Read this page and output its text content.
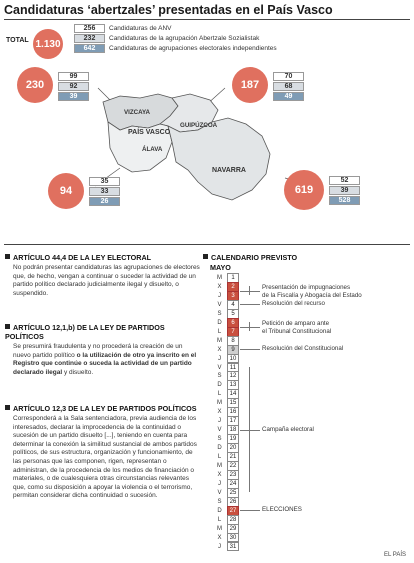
Candidaturas ‘abertzales’ presentadas en el País Vasco
TOTAL 1.130
256
232
642
Candidaturas de ANV
Candidaturas de la agrupación Abertzale Sozialistak
Candidaturas de agrupaciones electorales independientes
VIZCAYA
GUIPÚZCOA
PAÍS VASCO
ÁLAVA
NAVARRA
230
99
92
39
187
70
68
49
94
35
33
26
619
52
39
528
ARTÍCULO 44,4 DE LA LEY ELECTORAL
No podrán presentar candidaturas las agrupaciones de electores que, de hecho, vengan a continuar o suceder la actividad de un partido político declarado judicialmente ilegal y disuelto, o suspendido.
ARTÍCULO 12,1,b) DE LA LEY DE PARTIDOS POLÍTICOS
Se presumirá fraudulenta y no procederá la creación de un nuevo partido político o la utilización de otro ya inscrito en el Registro que continúe o suceda la actividad de un partido declarado ilegal y disuelto.
ARTÍCULO 12,3 DE LA LEY DE PARTIDOS POLÍTICOS
Corresponderá a la Sala sentenciadora, previa audiencia de los interesados, declarar la improcedencia de la continuidad o sucesión de un partido disuelto [...], teniendo en cuenta para determinar la conexión la similitud sustancial de ambos partidos políticos, de sus estructura, organización y funcionamiento, de las personas que las componen, rigen, representan o administran, de la procedencia de los medios de financiación o materiales, o de cualesquiera otras circunstancias relevantes que, como su disposición a apoyar la violencia o el terrorismo, permitan considerar dicha continuidad o sucesión.
CALENDARIO PREVISTO
MAYO
M	1
X	2
J	3
V	4
S	5
D	6
L	7
M	8
X	9
J	10
V	11
S	12
D	13
L	14
M	15
X	16
J	17
V	18
S	19
D	20
L	21
M	22
X	23
J	24
V	25
S	26
D	27
L	28
M	29
X	30
J	31
Presentación de impugnaciones
de la Fiscalía y Abogacía del Estado
Resolución del recurso
Petición de amparo ante
el Tribunal Constitucional
Resolución del Constitucional
Campaña electoral
ELECCIONES
EL PAÍS
